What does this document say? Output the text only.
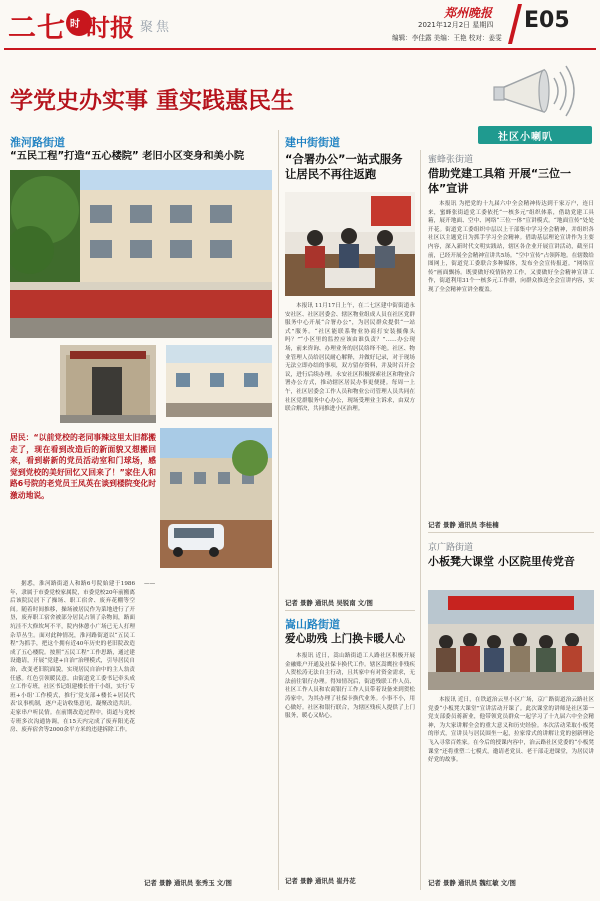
二七 时 时报 聚焦
郑州晚报
2021年12月2日 星期四
编辑：李佳露 美编：王艳 校对：姜雯
E05
学党史办实事 重实践惠民生
社区小喇叭
淮河路街道
“五民工程”打造“五心楼院” 老旧小区变身和美小院
居民：“以前党校的老同事辣这里太旧都搬走了，现在看到改造后的新面貌又想搬回来，看到崭新的党员活动室和门球场，感觉到党校的美好回忆又回来了！”家住人和路6号院的老党员王凤英在谈到楼院变化时激动地说。

据悉，淮河路街道人和路6号院始建于1986年，隶属于市委党校家属院，市委党校20年前搬离后该院民居下了操场、职工宿舍、废弃花棚等空间。随着时间推移，操场被居民作为菜地进行了开垦，废弃职工宿舍被部分居民占领了杂物间，路面坑洼不大修坎坷不平，院内休憩小广场已无人打理杂草丛生。面对此种情况，淮河路街道以“五民工程”为抓手，把这个拥有近40年历史的老旧院改造成了五心楼院。按照“五民工程”工作思路，通过建设邀请，开展“党建+自治”治理模式，引导居民自治，改变老旧院面貌，实现居民自治中的主人翁责任感。红色引领暖民意。由街道党工委书记牵头成立工作专班，社区书记组建楼长骨干小组，实行‘专班+小组’工作模式，推行‘党支部+楼长+居民代表’议事机制，逐户走访收集意见，凝聚改造共识。走家串户听民情。在前期改造过程中，街道与党校专班多次沟通协调，在15天内完成了废弃阳光花房、废弃宿舍等2000余平方米的违建拆除工作。

——

记者 景静 通讯员 张秀玉 文/图
建中街街道
“合署办公”一站式服务 让居民不再往返跑

本报讯 11月17日上午，在二七区建中街街道永安社区、社区居委会、辖区物业组成人员在社区党群服务中心开展“合署办公”，为居民群众提供“一站式”服务。“社区能联系物业协商打安装摄像头吗？”“小区里的监控应该由谁负责？”……办公现场，前来咨询、办理业务的居民络绎不绝。社区、物业管理人员给居民耐心解释，并做好记录，对于现场无法立即办结的事项，双方留存资料，并及时召开会议，进行后续办理。永安社区积极探索社区和物业合署办公方式，推动辖区居民办事更便捷。每周一上午，社区居委会工作人员和物业公司管理人员共同在社区党群服务中心办公，现场受理业主诉求，由双方联合解决，共同推进小区治理。

记者 景静 通讯员 吴锐南 文/图
嵩山路街道
爱心助残 上门换卡暖人心

本报讯 近日，嵩山路街道工人路社区积极开展金融账户开通及社保卡换代工作。辖区嵩鹰拉非残疾人贺松涛无法自主行动，且其家中有对资金需求，无法前往银行办理。得知情况后，街道残联工作人员、社区工作人员和农商银行工作人员带着设备来到贺松涛家中，为其办理了社保卡换代业务。小事不小，用心做好。社区和银行联合，为辖区残疾人提供了上门服务，暖心又贴心。

记者 景静 通讯员 崔丹花
蜜蜂张街道
借助党建工具箱 开展“三位一体”宣讲

本报讯 为把党的十九届六中全会精神传达到千家万户，连日来，蜜蜂张街道党工委依托“一核多元”组织体系，借助党建工具箱，展开地面、空中、网络“三位一体”宣讲模式。“地面宣传”处处开花。街道党工委组织中层以上干部集中学习全会精神，并组织各社区以主题党日为抓手学习全会精神。借助基层理论宣讲作为主要内容，深入新时代文明实践站，辖区各企业开展宣讲活动，截至目前，已经开展全会精神宣讲共5场。“空中宣传”占领阵地。在辖数给图网上，街道党工委联合多种媒体，发布全会宣传报道。“网络宣传”画面飘扬。既要做好疫情防控工作，又要做好全会精神宣讲工作，街道利用31个一核多元工作群，向群众推送全会宣讲内容，实现了全会精神宣讲全覆盖。

记者 景静 通讯员 李桂楠
京广路街道
小板凳大课堂 小区院里传党音

本报讯 近日，在铁道治云里小区广场，京广路街道治云路社区党委“小板凳大课堂”宣讲活动开课了。此次课堂的讲师是社区第一党支部委员蒋新业，他带领党员群众一起学习了十九届六中全会精神，为大家讲解全会的重大意义和历史经验。本次活动采取小板凳的形式，宣讲员与居民围坐一起，拉家常式的讲解让党的创新理论飞入寻常百姓家。在今后的授课内容中，治云路社区党委的“小板凳课堂”还将重塑二七模式，邀请老党员、老干部走进课堂，为居民讲好党的故事。

记者 景静 通讯员 魏红敏 文/图
